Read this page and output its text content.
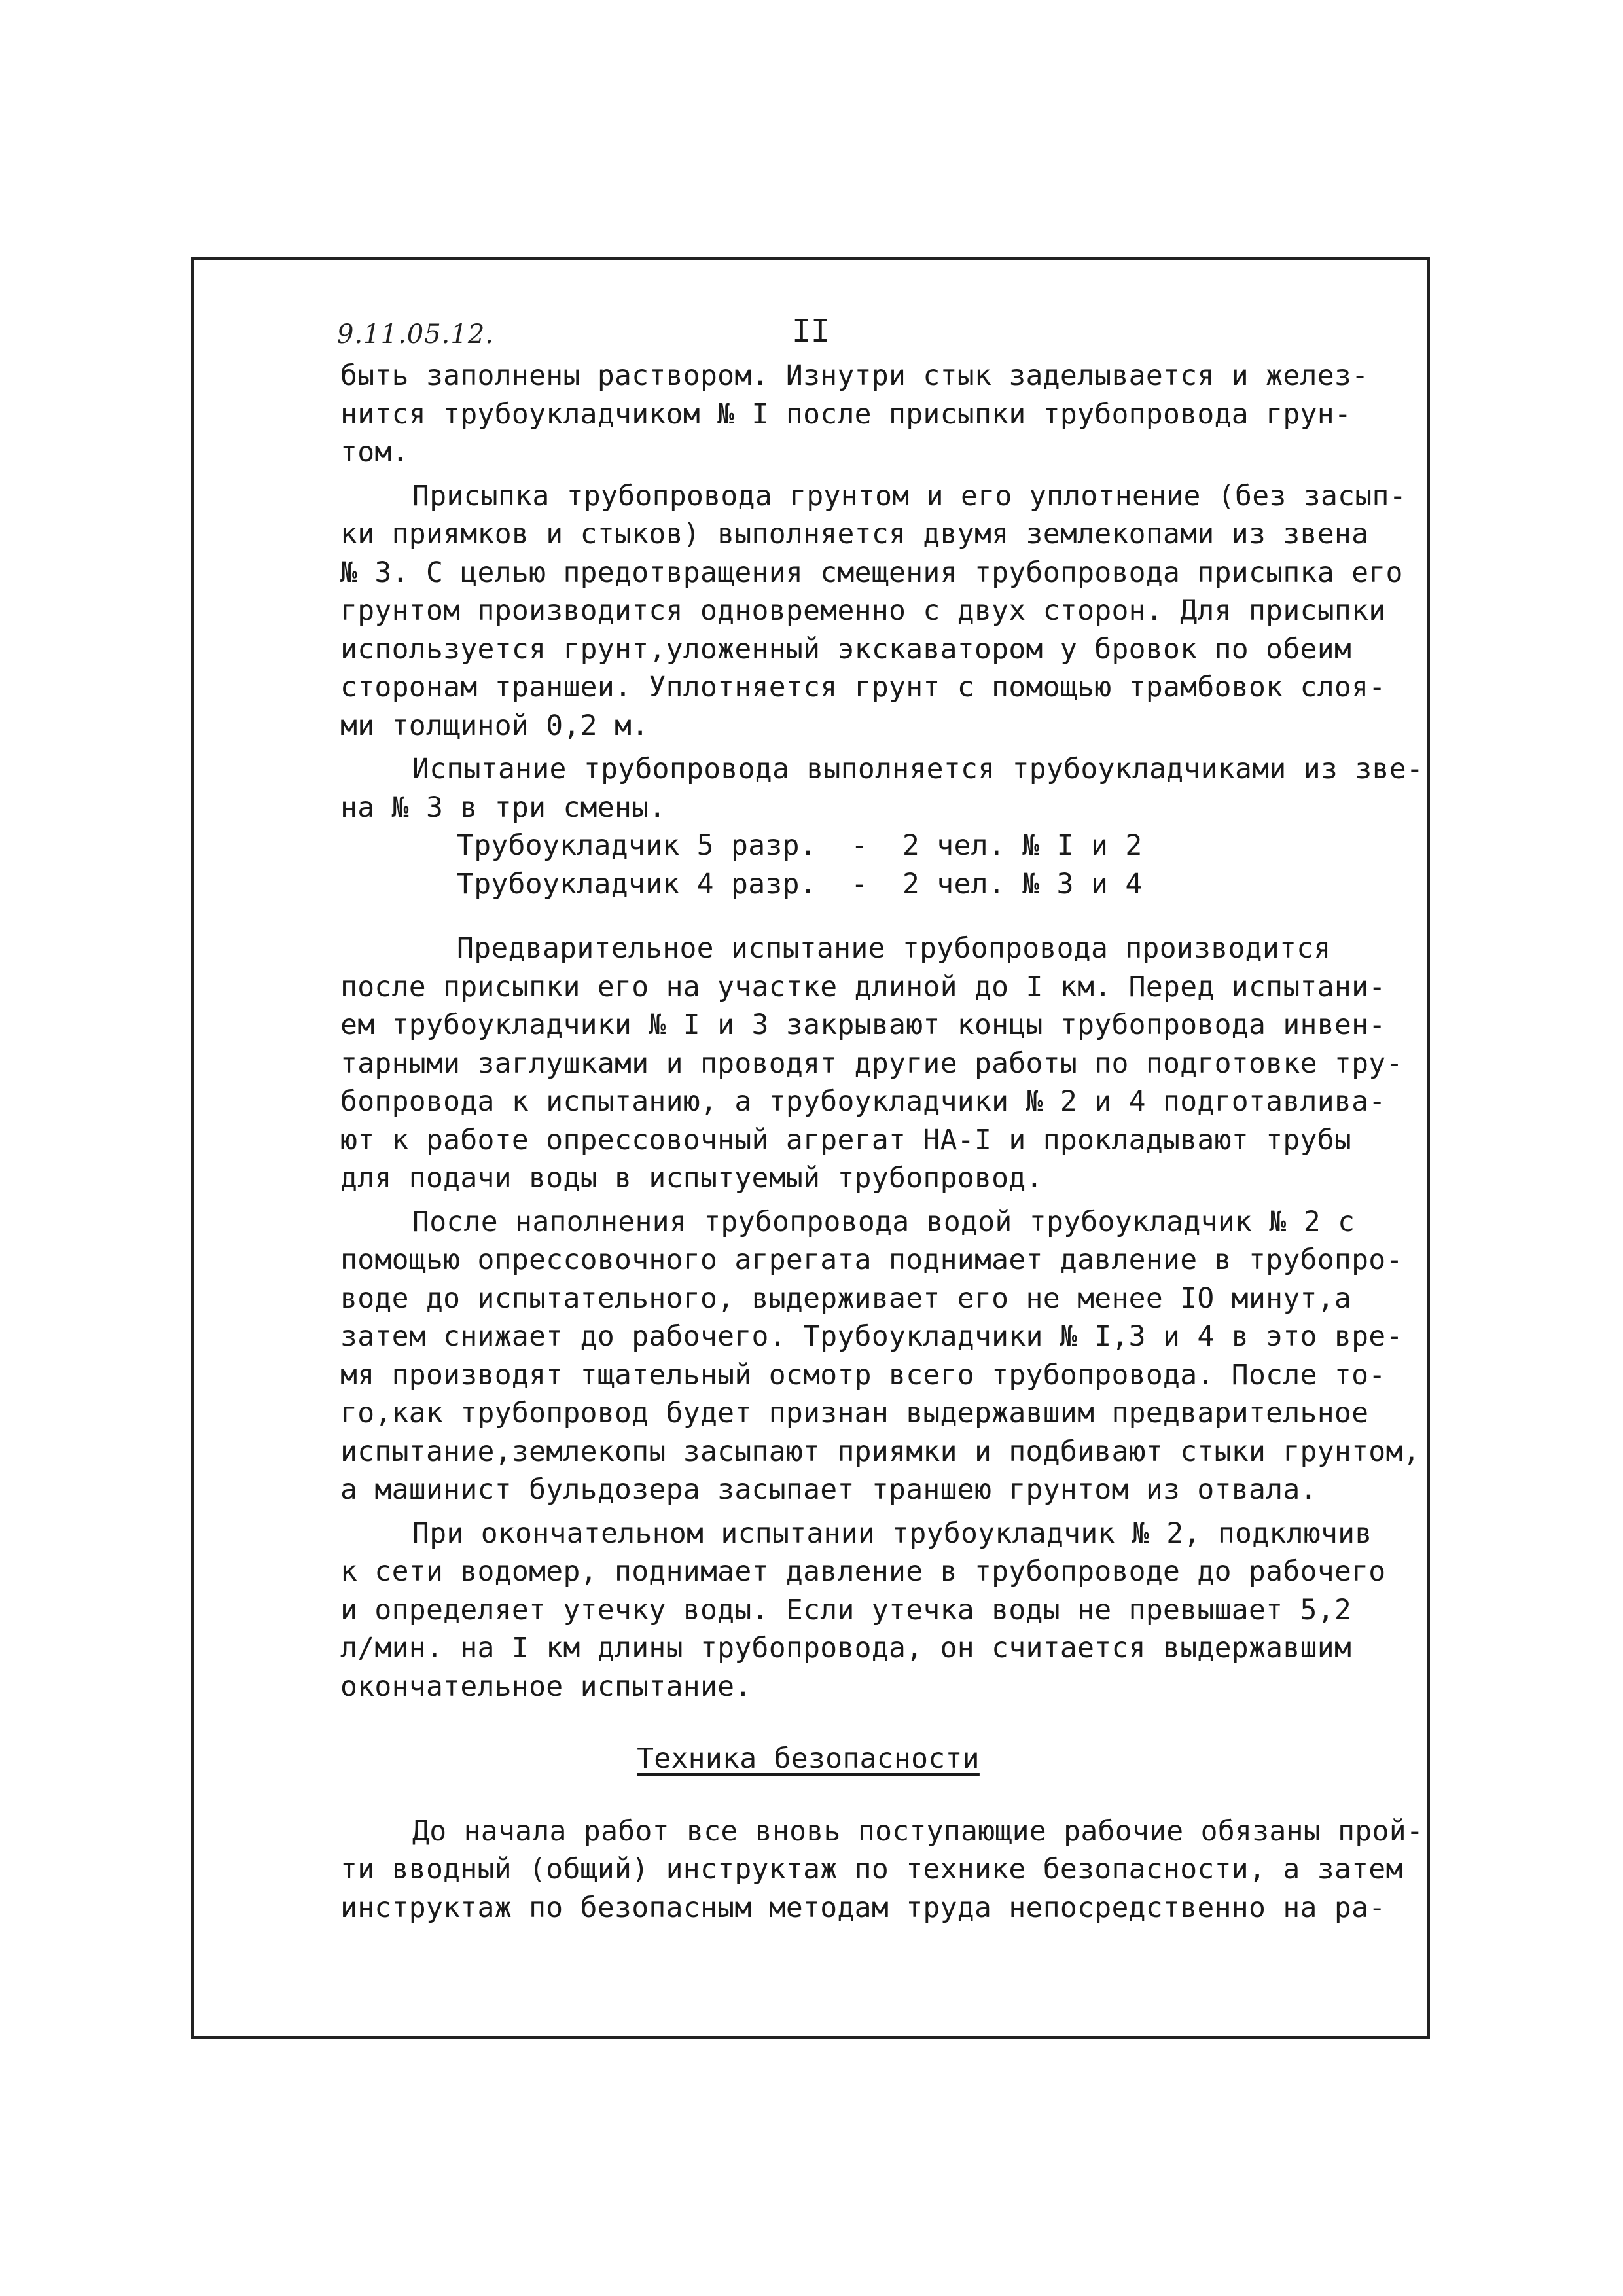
9.11.05.12.	II
быть заполнены раствором. Изнутри стык заделывается и желез-
нится трубоукладчиком № I после присыпки трубопровода грун-
том.
Присыпка трубопровода грунтом и его уплотнение (без засып-
ки приямков и стыков) выполняется двумя землекопами из звена
№ 3. С целью предотвращения смещения трубопровода присыпка его
грунтом производится одновременно с двух сторон. Для присыпки
используется грунт,уложенный экскаватором у бровок по обеим
сторонам траншеи. Уплотняется грунт с помощью трамбовок слоя-
ми толщиной 0,2 м.
Испытание трубопровода выполняется трубоукладчиками из зве-
на № 3 в три смены.
Трубоукладчик 5 разр.  -  2 чел. № I и 2
Трубоукладчик 4 разр.  -  2 чел. № 3 и 4
Предварительное испытание трубопровода производится
после присыпки его на участке длиной до I км. Перед испытани-
ем трубоукладчики № I и 3 закрывают концы трубопровода инвен-
тарными заглушками и проводят другие работы по подготовке тру-
бопровода к испытанию, а трубоукладчики № 2 и 4 подготавлива-
ют к работе опрессовочный агрегат НА-I и прокладывают трубы
для подачи воды в испытуемый трубопровод.
После наполнения трубопровода водой трубоукладчик № 2 с
помощью опрессовочного агрегата поднимает давление в трубопро-
воде до испытательного, выдерживает его не менее IO минут,а
затем снижает до рабочего. Трубоукладчики № I,3 и 4 в это вре-
мя производят тщательный осмотр всего трубопровода. После то-
го,как трубопровод будет признан выдержавшим предварительное
испытание,землекопы засыпают приямки и подбивают стыки грунтом,
а машинист бульдозера засыпает траншею грунтом из отвала.
При окончательном испытании трубоукладчик № 2, подключив
к сети водомер, поднимает давление в трубопроводе до рабочего
и определяет утечку воды. Если утечка воды не превышает 5,2
л/мин. на I км длины трубопровода, он считается выдержавшим
окончательное испытание.
Техника безопасности
До начала работ все вновь поступающие рабочие обязаны прой-
ти вводный (общий) инструктаж по технике безопасности, а затем
инструктаж по безопасным методам труда непосредственно на ра-
